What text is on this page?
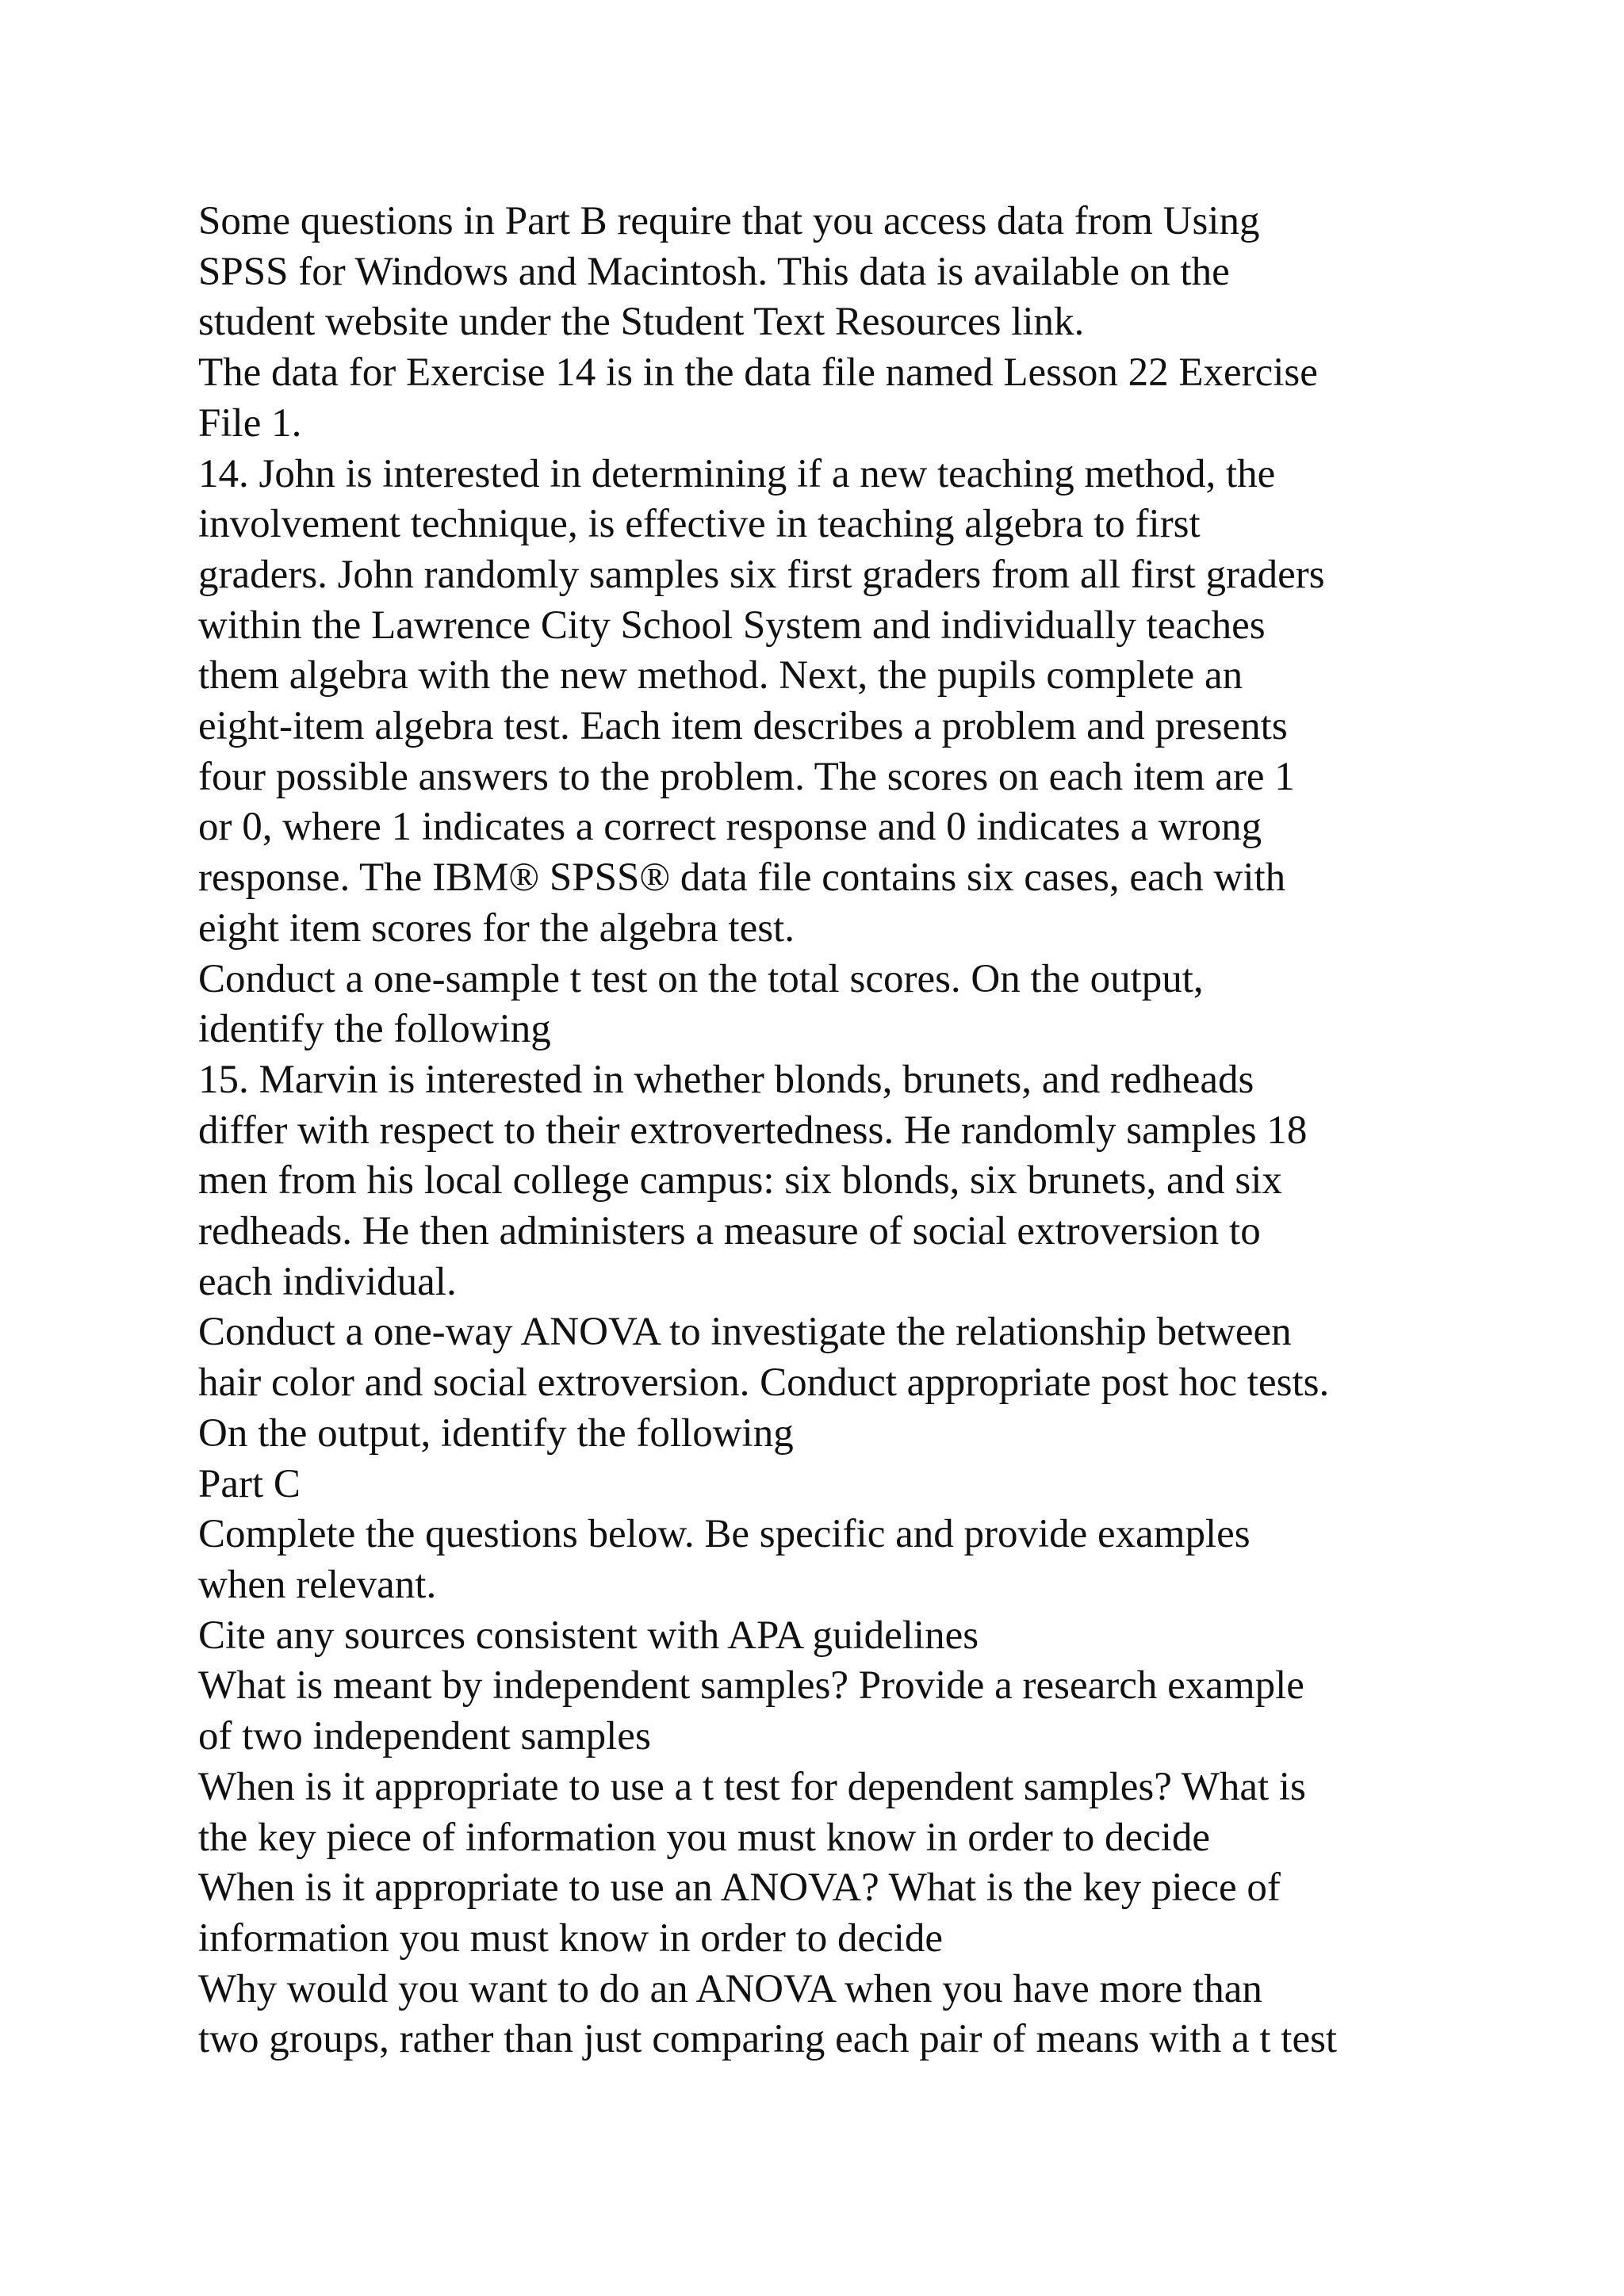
Some questions in Part B require that you access data from Using
SPSS for Windows and Macintosh. This data is available on the
student website under the Student Text Resources link.
The data for Exercise 14 is in the data file named Lesson 22 Exercise
File 1.
14. John is interested in determining if a new teaching method, the
involvement technique, is effective in teaching algebra to first
graders. John randomly samples six first graders from all first graders
within the Lawrence City School System and individually teaches
them algebra with the new method. Next, the pupils complete an
eight-item algebra test. Each item describes a problem and presents
four possible answers to the problem. The scores on each item are 1
or 0, where 1 indicates a correct response and 0 indicates a wrong
response. The IBM® SPSS® data file contains six cases, each with
eight item scores for the algebra test.
Conduct a one-sample t test on the total scores. On the output,
identify the following
15. Marvin is interested in whether blonds, brunets, and redheads
differ with respect to their extrovertedness. He randomly samples 18
men from his local college campus: six blonds, six brunets, and six
redheads. He then administers a measure of social extroversion to
each individual.
Conduct a one-way ANOVA to investigate the relationship between
hair color and social extroversion. Conduct appropriate post hoc tests.
On the output, identify the following
Part C
Complete the questions below. Be specific and provide examples
when relevant.
Cite any sources consistent with APA guidelines
What is meant by independent samples? Provide a research example
of two independent samples
When is it appropriate to use a t test for dependent samples? What is
the key piece of information you must know in order to decide
When is it appropriate to use an ANOVA? What is the key piece of
information you must know in order to decide
Why would you want to do an ANOVA when you have more than
two groups, rather than just comparing each pair of means with a t test
